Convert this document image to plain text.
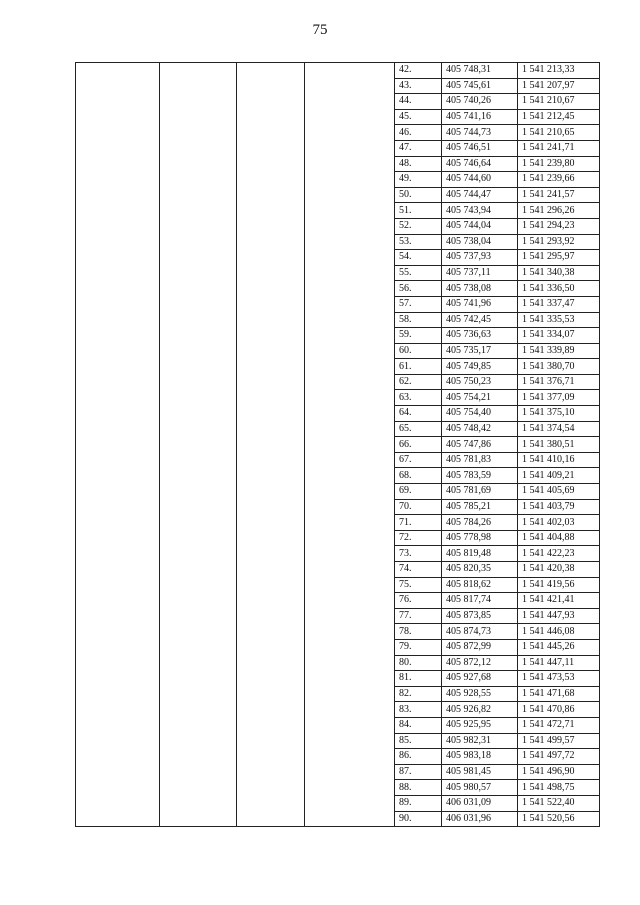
75
				42.	405 748,31	1 541 213,33
				43.	405 745,61	1 541 207,97
				44.	405 740,26	1 541 210,67
				45.	405 741,16	1 541 212,45
				46.	405 744,73	1 541 210,65
				47.	405 746,51	1 541 241,71
				48.	405 746,64	1 541 239,80
				49.	405 744,60	1 541 239,66
				50.	405 744,47	1 541 241,57
				51.	405 743,94	1 541 296,26
				52.	405 744,04	1 541 294,23
				53.	405 738,04	1 541 293,92
				54.	405 737,93	1 541 295,97
				55.	405 737,11	1 541 340,38
				56.	405 738,08	1 541 336,50
				57.	405 741,96	1 541 337,47
				58.	405 742,45	1 541 335,53
				59.	405 736,63	1 541 334,07
				60.	405 735,17	1 541 339,89
				61.	405 749,85	1 541 380,70
				62.	405 750,23	1 541 376,71
				63.	405 754,21	1 541 377,09
				64.	405 754,40	1 541 375,10
				65.	405 748,42	1 541 374,54
				66.	405 747,86	1 541 380,51
				67.	405 781,83	1 541 410,16
				68.	405 783,59	1 541 409,21
				69.	405 781,69	1 541 405,69
				70.	405 785,21	1 541 403,79
				71.	405 784,26	1 541 402,03
				72.	405 778,98	1 541 404,88
				73.	405 819,48	1 541 422,23
				74.	405 820,35	1 541 420,38
				75.	405 818,62	1 541 419,56
				76.	405 817,74	1 541 421,41
				77.	405 873,85	1 541 447,93
				78.	405 874,73	1 541 446,08
				79.	405 872,99	1 541 445,26
				80.	405 872,12	1 541 447,11
				81.	405 927,68	1 541 473,53
				82.	405 928,55	1 541 471,68
				83.	405 926,82	1 541 470,86
				84.	405 925,95	1 541 472,71
				85.	405 982,31	1 541 499,57
				86.	405 983,18	1 541 497,72
				87.	405 981,45	1 541 496,90
				88.	405 980,57	1 541 498,75
				89.	406 031,09	1 541 522,40
				90.	406 031,96	1 541 520,56
